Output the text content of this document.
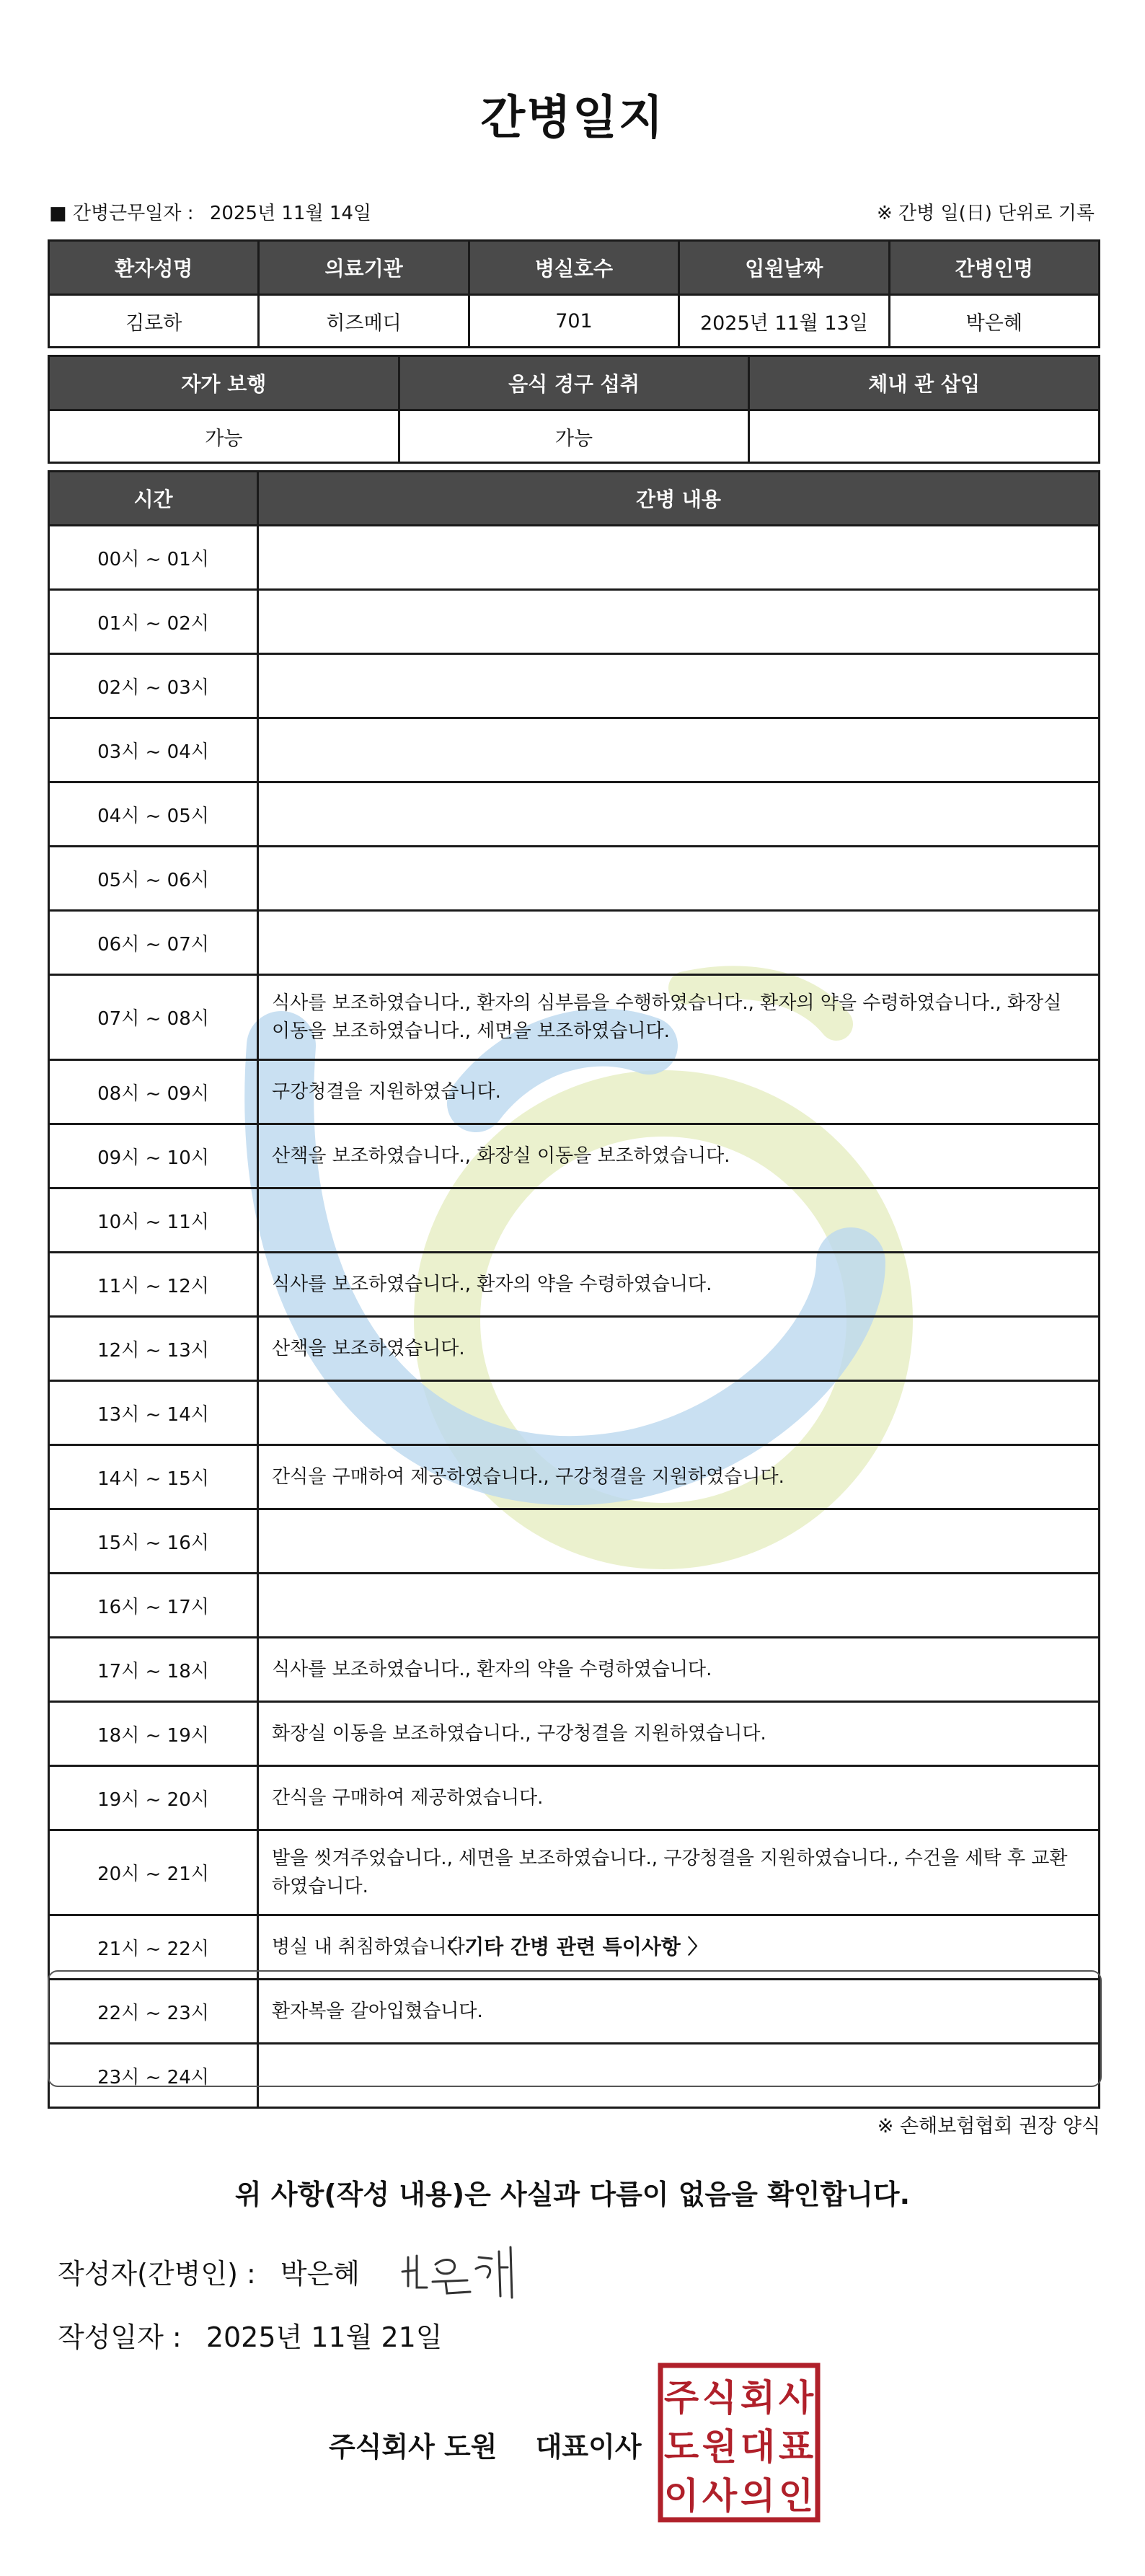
간병일지
■ 간병근무일자 : 2025년 11월 14일	※ 간병 일(日) 단위로 기록
환자성명	의료기관	병실호수	입원날짜	간병인명
김로하	히즈메디	701	2025년 11월 13일	박은혜
자가 보행	음식 경구 섭취	체내 관 삽입
가능	가능	
시간	간병 내용
00시 ~ 01시	
01시 ~ 02시	
02시 ~ 03시	
03시 ~ 04시	
04시 ~ 05시	
05시 ~ 06시	
06시 ~ 07시	
07시 ~ 08시	식사를 보조하였습니다., 환자의 심부름을 수행하였습니다., 환자의 약을 수령하였습니다., 화장실 이동을 보조하였습니다., 세면을 보조하였습니다.
08시 ~ 09시	구강청결을 지원하였습니다.
09시 ~ 10시	산책을 보조하였습니다., 화장실 이동을 보조하였습니다.
10시 ~ 11시	
11시 ~ 12시	식사를 보조하였습니다., 환자의 약을 수령하였습니다.
12시 ~ 13시	산책을 보조하였습니다.
13시 ~ 14시	
14시 ~ 15시	간식을 구매하여 제공하였습니다., 구강청결을 지원하였습니다.
15시 ~ 16시	
16시 ~ 17시	
17시 ~ 18시	식사를 보조하였습니다., 환자의 약을 수령하였습니다.
18시 ~ 19시	화장실 이동을 보조하였습니다., 구강청결을 지원하였습니다.
19시 ~ 20시	간식을 구매하여 제공하였습니다.
20시 ~ 21시	발을 씻겨주었습니다., 세면을 보조하였습니다., 구강청결을 지원하였습니다., 수건을 세탁 후 교환하였습니다.
21시 ~ 22시	병실 내 취침하였습니다.
22시 ~ 23시	환자복을 갈아입혔습니다.
23시 ~ 24시	
〈 기타 간병 관련 특이사항 〉
※ 손해보험협회 권장 양식
위 사항(작성 내용)은 사실과 다름이 없음을 확인합니다.
작성자(간병인) : 박은혜
작성일자 : 2025년 11월 21일
주식회사 도원 대표이사
주 식 회 사
도 원 대 표
이 사 의 인
